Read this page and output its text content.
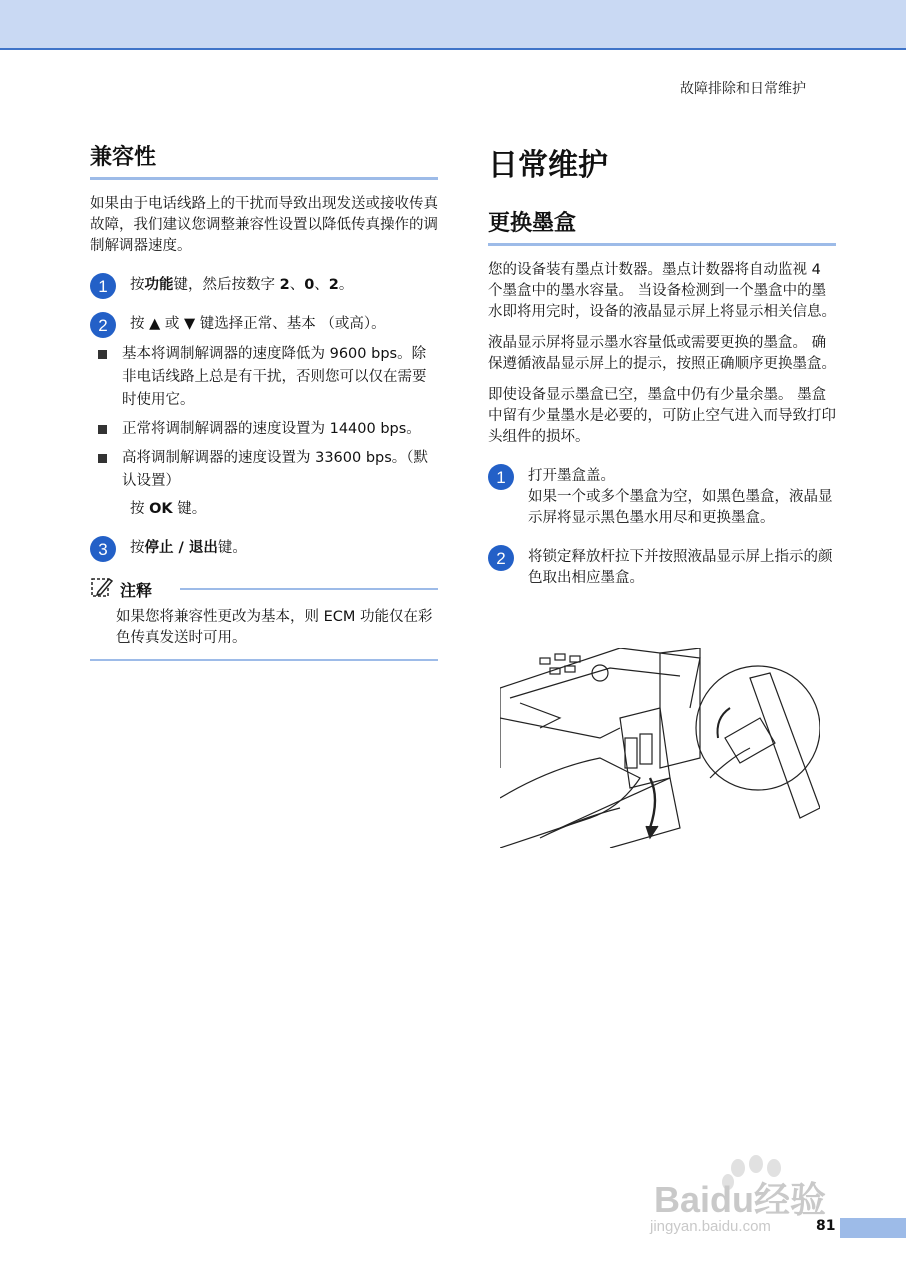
故障排除和日常维护
兼容性
如果由于电话线路上的干扰而导致出现发送或接收传真故障，我们建议您调整兼容性设置以降低传真操作的调制解调器速度。
1	按功能键，然后按数字 2、0、2。
2	按 ▲ 或 ▼ 键选择正常、基本 （或高）。
基本将调制解调器的速度降低为 9600 bps。除非电话线路上总是有干扰，否则您可以仅在需要时使用它。
正常将调制解调器的速度设置为 14400 bps。
高将调制解调器的速度设置为 33600 bps。（默认设置）
按 OK 键。
3	按停止 / 退出键。
注释
如果您将兼容性更改为基本，则 ECM 功能仅在彩色传真发送时可用。
日常维护
更换墨盒
您的设备装有墨点计数器。墨点计数器将自动监视 4 个墨盒中的墨水容量。 当设备检测到一个墨盒中的墨水即将用完时，设备的液晶显示屏上将显示相关信息。
液晶显示屏将显示墨水容量低或需要更换的墨盒。 确保遵循液晶显示屏上的提示，按照正确顺序更换墨盒。
即使设备显示墨盒已空，墨盒中仍有少量余墨。 墨盒中留有少量墨水是必要的，可防止空气进入而导致打印头组件的损坏。
1	打开墨盒盖。
如果一个或多个墨盒为空，如黑色墨盒，液晶显示屏将显示黑色墨水用尽和更换墨盒。
2	将锁定释放杆拉下并按照液晶显示屏上指示的颜色取出相应墨盒。
Baidu经验
jingyan.baidu.com	81
